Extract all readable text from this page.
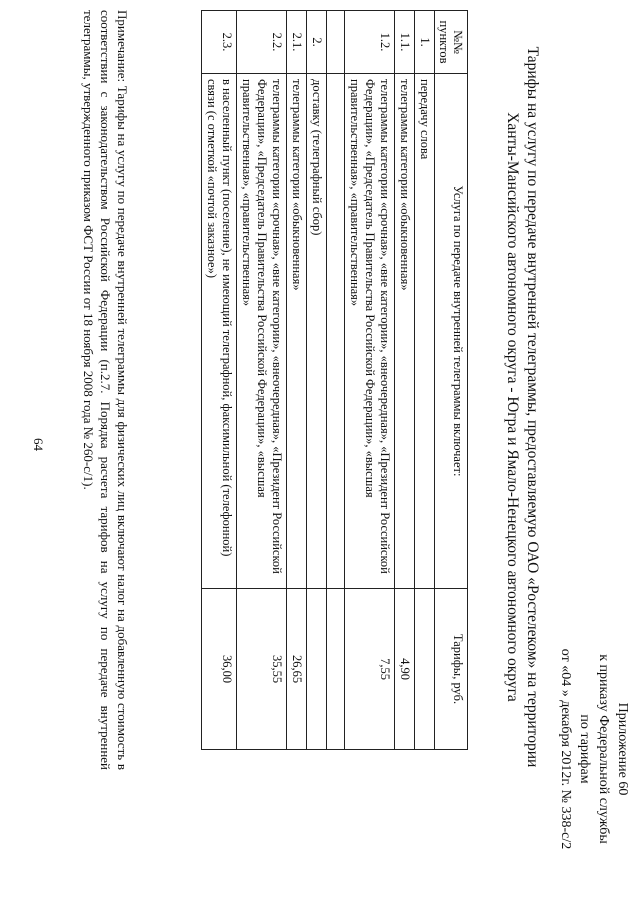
Приложение 60
к приказу Федеральной службы
по тарифам
от «04 » декабря 2012г. № 338-с/2
Тарифы на услугу по передаче внутренней телеграммы, предоставляемую ОАО «Ростелеком» на территории Ханты-Мансийского автономного округа - Югра и Ямало-Ненецкого автономного округа
№№ пунктов	Услуга по передаче внутренней телеграммы включает:	Тарифы, руб.
1.	передачу слова	
1.1.	телеграммы категории «обыкновенная»	4,90
1.2.	телеграммы категории «срочная», «вне категории», «внеочередная», «Президент Российской Федерации», «Председатель Правительства Российской Федерации», «высшая правительственная», «правительственная»	7,55

2.	доставку (телеграфный сбор)	
2.1.	телеграммы категории «обыкновенная»	26,65
2.2.	телеграммы категории «срочная», «вне категории», «внеочередная», «Президент Российской Федерации», «Председатель Правительства Российской Федерации», «высшая правительственная», «правительственная»	35,55
2.3.	в населенный пункт (поселение), не имеющий телеграфной, факсимильной (телефонной) связи (с отметкой «почтой заказное»)	36,00
Примечание: Тарифы на услугу по передаче внутренней телеграммы для физических лиц включают налог на добавленную стоимость в соответствии с законодательством Российской Федерации (п.2.7. Порядка расчета тарифов на услугу по передаче внутренней телеграммы, утвержденного приказом ФСТ России от 18 ноября 2008 года № 260-с/1).
64
